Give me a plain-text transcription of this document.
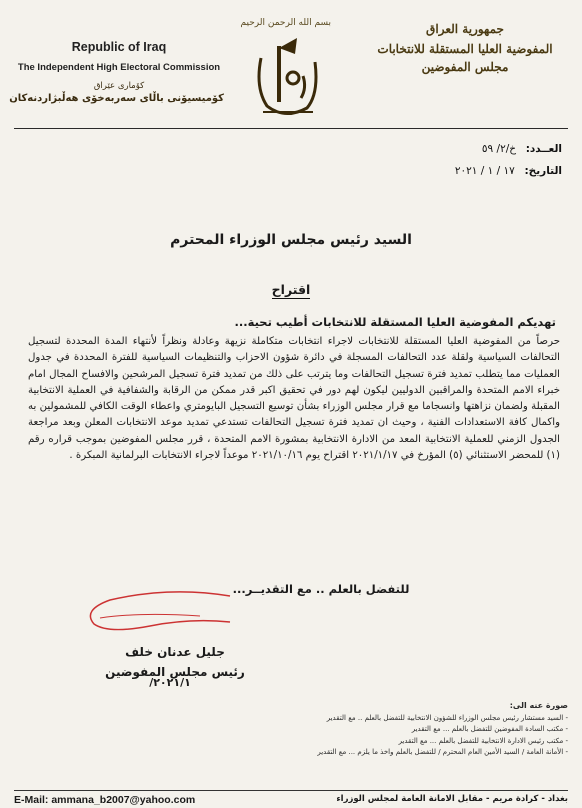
Republic of Iraq
The Independent High Electoral Commission
کۆماری عێراق
کۆمیسیۆنی باڵای سەربەخۆی هەڵبژاردنەکان
بسم الله الرحمن الرحيم	جمهورية العراق
المفوضية العليا المستقلة للانتخابات
مجلس المفوضين
العــدد: خ/٢/ ٥٩
التاريخ: ١٧ / ١ / ٢٠٢١
السيد رئيس مجلس الوزراء المحترم
اقتراح
تهديكم المفوضية العليا المستقلة للانتخابات أطيب تحية...
حرصاً من المفوضية العليا المستقلة للانتخابات لاجراء انتخابات متكاملة نزيهة وعادلة ونظراً لأنتهاء المدة المحددة لتسجيل التحالفات السياسية ولقلة عدد التحالفات المسجلة في دائرة شؤون الاحزاب والتنظيمات السياسية للفترة المحددة في جدول العمليات مما يتطلب تمديد فترة تسجيل التحالفات وما يترتب على ذلك من تمديد فترة تسجيل المرشحين والافساح المجال امام خبراء الامم المتحدة والمراقبين الدوليين ليكون لهم دور في تحقيق اكبر قدر ممكن من الرقابة والشفافية في العملية الانتخابية المقبلة ولضمان نزاهتها وانسجاما مع قرار مجلس الوزراء بشأن توسيع التسجيل البايومتري واعطاء الوقت الكافي للمشمولين به واكمال كافة الاستعدادات الفنية ، وحيث ان تمديد فترة تسجيل التحالفات تستدعي تمديد موعد الانتخابات المعلن وبعد مراجعة الجدول الزمني للعملية الانتخابية المعد من الادارة الانتخابية بمشورة الامم المتحدة ، قرر مجلس المفوضين بموجب قراره رقم (١) للمحضر الاستثنائي (٥) المؤرخ في ٢٠٢١/١/١٧ اقتراح يوم ٢٠٢١/١٠/١٦ موعداً لاجراء الانتخابات البرلمانية المبكرة .
للتفضل بالعلم .. مع التقديــر...
جليل عدنان خلف
رئيس مجلس المفوضين
٢٠٢١/١/
صورة عنه الى:
- السيد مستشار رئيس مجلس الوزراء للشؤون الانتخابية للتفضل بالعلم .. مع التقدير
- مكتب السادة المفوضين للتفضل بالعلم ... مع التقدير
- مكتب رئيس الادارة الانتخابية للتفضل بالعلم ... مع التقدير
- الأمانة العامة / السيد الأمين العام المحترم / للتفضل بالعلم واخذ ما يلزم ... مع التقدير
E-Mail: ammana_b2007@yahoo.com	بغداد - كرادة مريم - مقابل الامانة العامة لمجلس الوزراء
